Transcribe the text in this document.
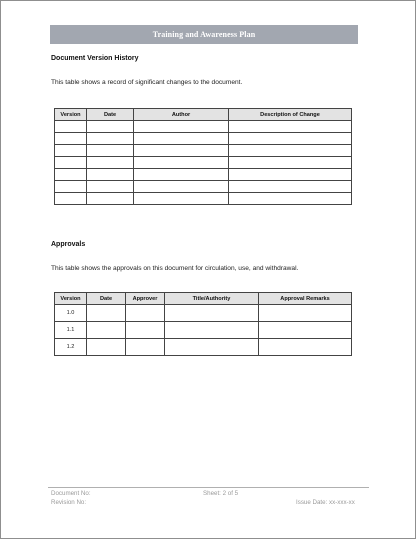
Training and Awareness Plan
Document Version History
This table shows a record of significant changes to the document.
Version	Date	Author	Description of Change

Approvals
This table shows the approvals on this document for circulation, use, and withdrawal.
Version	Date	Approver	Title/Authority	Approval Remarks
1.0				
1.1				
1.2				
Document No:
Revision No:
Sheet: 2 of 5
Issue Date: xx-xxx-xx
